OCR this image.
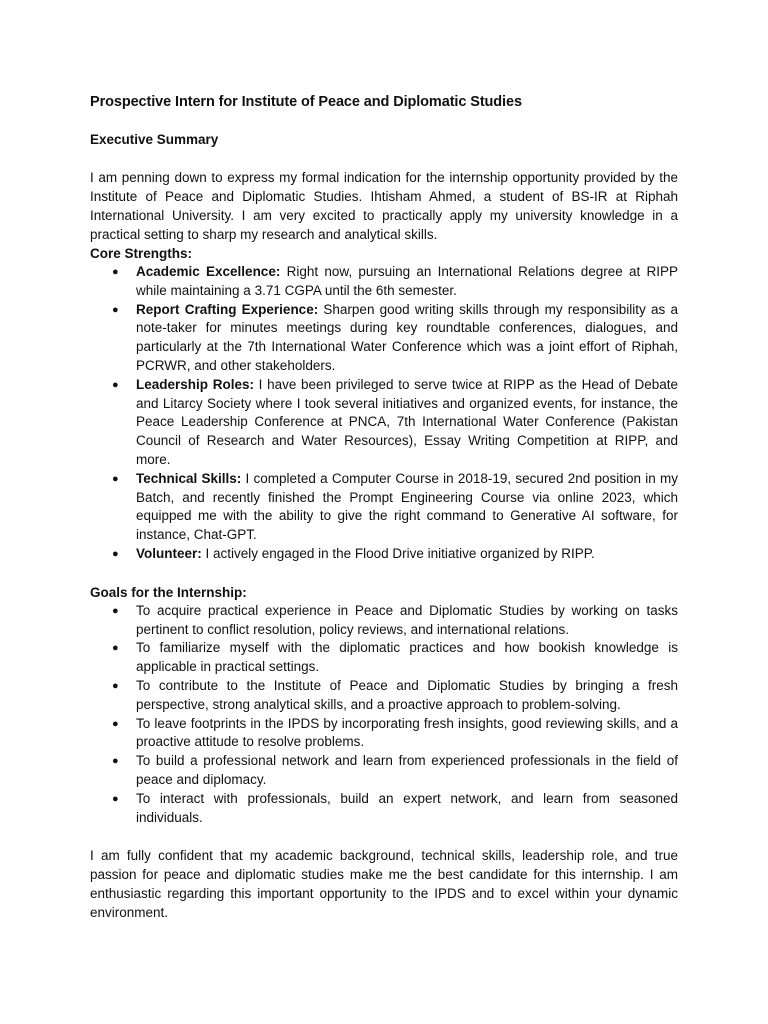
Prospective Intern for Institute of Peace and Diplomatic Studies
Executive Summary

I am penning down to express my formal indication for the internship opportunity provided by the Institute of Peace and Diplomatic Studies. Ihtisham Ahmed, a student of BS-IR at Riphah International University. I am very excited to practically apply my university knowledge in a practical setting to sharp my research and analytical skills.

Core Strengths:
● Academic Excellence: Right now, pursuing an International Relations degree at RIPP while maintaining a 3.71 CGPA until the 6th semester.
● Report Crafting Experience: Sharpen good writing skills through my responsibility as a note-taker for minutes meetings during key roundtable conferences, dialogues, and particularly at the 7th International Water Conference which was a joint effort of Riphah, PCRWR, and other stakeholders.
● Leadership Roles: I have been privileged to serve twice at RIPP as the Head of Debate and Litarcy Society where I took several initiatives and organized events, for instance, the Peace Leadership Conference at PNCA, 7th International Water Conference (Pakistan Council of Research and Water Resources), Essay Writing Competition at RIPP, and more.
● Technical Skills: I completed a Computer Course in 2018-19, secured 2nd position in my Batch, and recently finished the Prompt Engineering Course via online 2023, which equipped me with the ability to give the right command to Generative AI software, for instance, Chat-GPT.
● Volunteer: I actively engaged in the Flood Drive initiative organized by RIPP.
Goals for the Internship:
● To acquire practical experience in Peace and Diplomatic Studies by working on tasks pertinent to conflict resolution, policy reviews, and international relations.
● To familiarize myself with the diplomatic practices and how bookish knowledge is applicable in practical settings.
● To contribute to the Institute of Peace and Diplomatic Studies by bringing a fresh perspective, strong analytical skills, and a proactive approach to problem-solving.
● To leave footprints in the IPDS by incorporating fresh insights, good reviewing skills, and a proactive attitude to resolve problems.
● To build a professional network and learn from experienced professionals in the field of peace and diplomacy.
● To interact with professionals, build an expert network, and learn from seasoned individuals.

I am fully confident that my academic background, technical skills, leadership role, and true passion for peace and diplomatic studies make me the best candidate for this internship. I am enthusiastic regarding this important opportunity to the IPDS and to excel within your dynamic environment.
